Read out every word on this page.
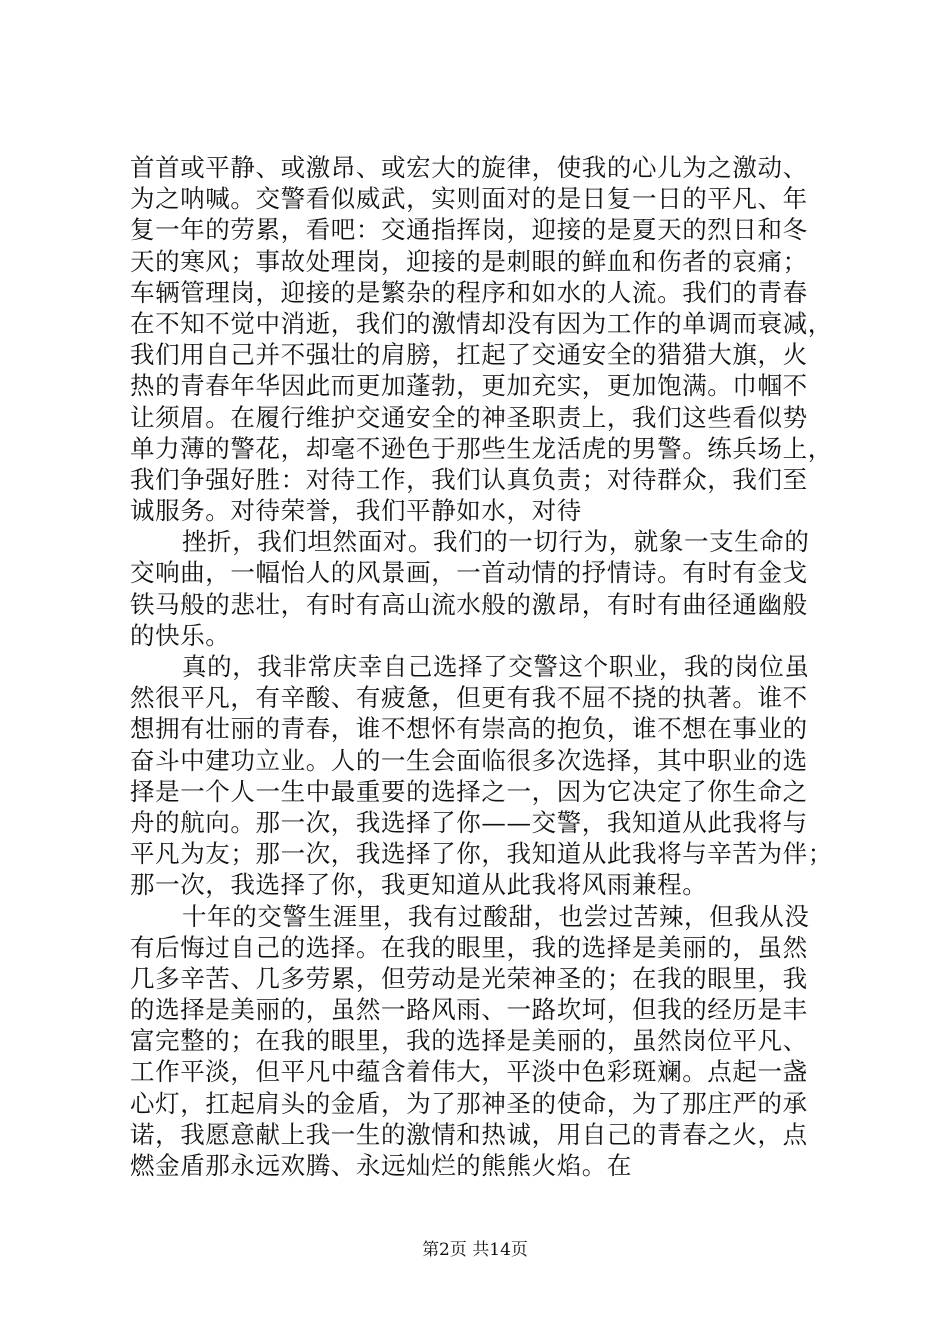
首首或平静、或激昂、或宏大的旋律，使我的心儿为之激动、
为之呐喊。交警看似威武，实则面对的是日复一日的平凡、年
复一年的劳累，看吧：交通指挥岗，迎接的是夏天的烈日和冬
天的寒风；事故处理岗，迎接的是刺眼的鲜血和伤者的哀痛；
车辆管理岗，迎接的是繁杂的程序和如水的人流。我们的青春
在不知不觉中消逝，我们的激情却没有因为工作的单调而衰减，
我们用自己并不强壮的肩膀，扛起了交通安全的猎猎大旗，火
热的青春年华因此而更加蓬勃，更加充实，更加饱满。巾帼不
让须眉。在履行维护交通安全的神圣职责上，我们这些看似势
单力薄的警花，却毫不逊色于那些生龙活虎的男警。练兵场上，
我们争强好胜：对待工作，我们认真负责；对待群众，我们至
诚服务。对待荣誉，我们平静如水，对待
挫折，我们坦然面对。我们的一切行为，就象一支生命的
交响曲，一幅怡人的风景画，一首动情的抒情诗。有时有金戈
铁马般的悲壮，有时有高山流水般的激昂，有时有曲径通幽般
的快乐。
真的，我非常庆幸自己选择了交警这个职业，我的岗位虽
然很平凡，有辛酸、有疲惫，但更有我不屈不挠的执著。谁不
想拥有壮丽的青春，谁不想怀有崇高的抱负，谁不想在事业的
奋斗中建功立业。人的一生会面临很多次选择，其中职业的选
择是一个人一生中最重要的选择之一，因为它决定了你生命之
舟的航向。那一次，我选择了你——交警，我知道从此我将与
平凡为友；那一次，我选择了你，我知道从此我将与辛苦为伴；
那一次，我选择了你，我更知道从此我将风雨兼程。
十年的交警生涯里，我有过酸甜，也尝过苦辣，但我从没
有后悔过自己的选择。在我的眼里，我的选择是美丽的，虽然
几多辛苦、几多劳累，但劳动是光荣神圣的；在我的眼里，我
的选择是美丽的，虽然一路风雨、一路坎坷，但我的经历是丰
富完整的；在我的眼里，我的选择是美丽的，虽然岗位平凡、
工作平淡，但平凡中蕴含着伟大，平淡中色彩斑斓。点起一盏
心灯，扛起肩头的金盾，为了那神圣的使命，为了那庄严的承
诺，我愿意献上我一生的激情和热诚，用自己的青春之火，点
燃金盾那永远欢腾、永远灿烂的熊熊火焰。在
第2页 共14页
